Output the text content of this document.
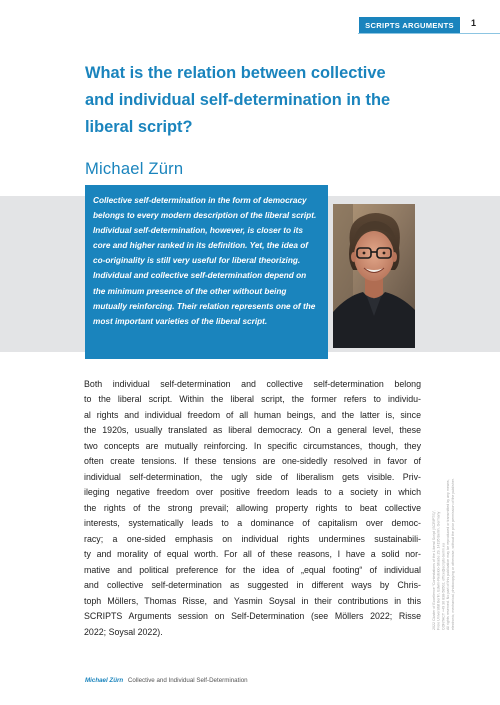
SCRIPTS ARGUMENTS	1
What is the relation between collective
and individual self-determination in the
liberal script?
Michael Zürn

Collective self-determination in the form of democracy belongs to every modern description of the liberal script. Individual self-determination, however, is closer to its core and higher ranked in its definition. Yet, the idea of co-originality is still very useful for liberal theorizing. Individual and collective self-determination depend on the minimum presence of the other without being mutually reinforcing. Their relation represents one of the most important varieties of the liberal script.

Both individual self-determination and collective self-determination belong
to the liberal script. Within the liberal script, the former refers to individu-
al rights and individual freedom of all human beings, and the latter is, since
the 1920s, usually translated as liberal democracy. On a general level, these
two concepts are mutually reinforcing. In specific circumstances, though, they
often create tensions. If these tensions are one-sidedly resolved in favor of
individual self-determination, the ugly side of liberalism gets visible. Priv-
ileging negative freedom over positive freedom leads to a society in which
the rights of the strong prevail; allowing property rights to beat collective
interests, systematically leads to a dominance of capitalism over democ-
racy; a one-sided emphasis on individual rights undermines sustainabili-
ty and morality of equal worth. For all of these reasons, I have a solid nor-
mative and political preference for the idea of „equal footing“ of individual
and collective self-determination as suggested in different ways by Chris-
toph Möllers, Thomas Risse, and Yasmin Soysal in their contributions in this
SCRIPTS Arguments session on Self-Determination (see Möllers 2022; Risse
2022; Soysal 2022).
2022 Cluster of Excellence “Contestations of the Liberal Script (SCRIPTS)”, Freie Universität Berlin, Edwin-Redslob-Straße 29, 14195 Berlin, Germany CONTACT +49 30 838-58502, office@scripts-berlin.eu All rights reserved. No part of this publication may be reproduced or transmitted by any means, electronic, mechanical, photocopying or otherwise, without the prior permission of the publisher.
Michael Zürn Collective and Individual Self-Determination
